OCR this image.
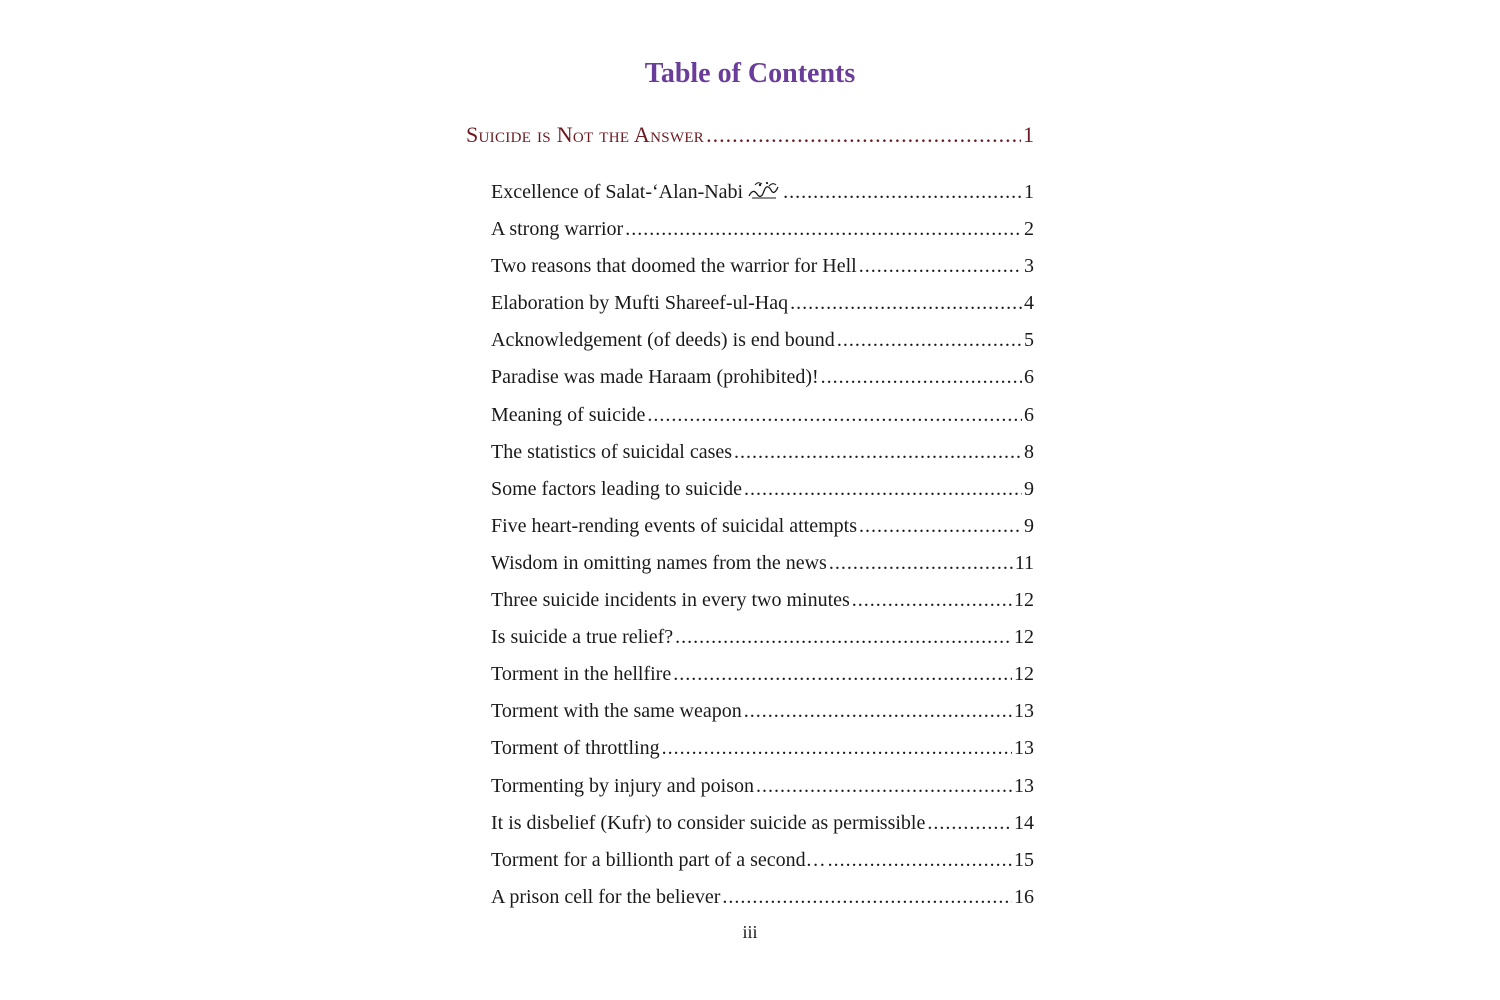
Table of Contents
Suicide is Not the Answer .....	1
Excellence of Salat-‘Alan-Nabi .....	1
A strong warrior .....	2
Two reasons that doomed the warrior for Hell .....	3
Elaboration by Mufti Shareef-ul-Haq .....	4
Acknowledgement (of deeds) is end bound .....	5
Paradise was made Haraam (prohibited)! .....	6
Meaning of suicide .....	6
The statistics of suicidal cases .....	8
Some factors leading to suicide .....	9
Five heart-rending events of suicidal attempts .....	9
Wisdom in omitting names from the news .....	11
Three suicide incidents in every two minutes .....	12
Is suicide a true relief? .....	12
Torment in the hellfire .....	12
Torment with the same weapon .....	13
Torment of throttling .....	13
Tormenting by injury and poison .....	13
It is disbelief (Kufr) to consider suicide as permissible .....	14
Torment for a billionth part of a second… .....	15
A prison cell for the believer .....	16
iii
